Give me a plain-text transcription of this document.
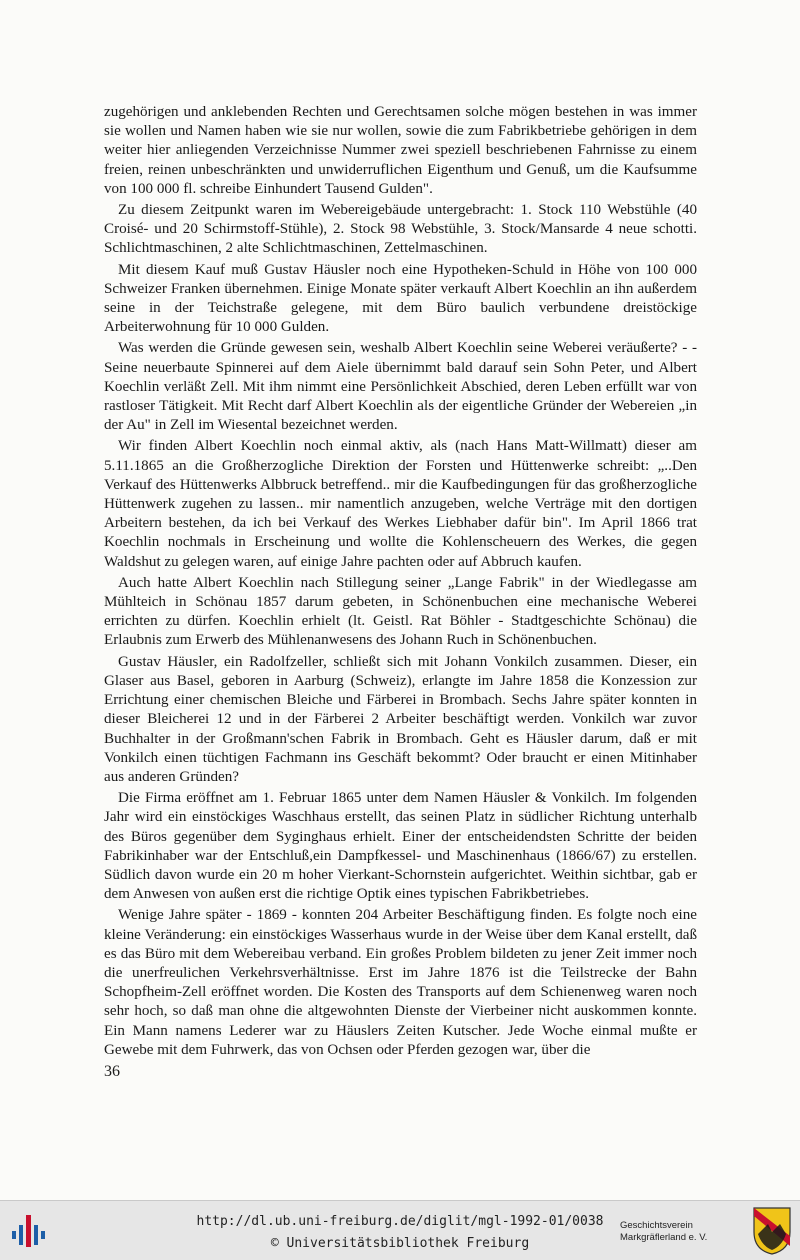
zugehörigen und anklebenden Rechten und Gerechtsamen solche mögen bestehen in was immer sie wollen und Namen haben wie sie nur wollen, sowie die zum Fabrikbetriebe gehörigen in dem weiter hier anliegenden Verzeichnisse Nummer zwei speziell beschriebenen Fahrnisse zu einem freien, reinen unbeschränkten und unwiderruflichen Eigenthum und Genuß, um die Kaufsumme von 100 000 fl. schreibe Einhundert Tausend Gulden".

Zu diesem Zeitpunkt waren im Webereigebäude untergebracht: 1. Stock 110 Webstühle (40 Croisé- und 20 Schirmstoff-Stühle), 2. Stock 98 Webstühle, 3. Stock/Mansarde 4 neue schotti. Schlichtmaschinen, 2 alte Schlichtmaschinen, Zettelmaschinen.

Mit diesem Kauf muß Gustav Häusler noch eine Hypotheken-Schuld in Höhe von 100 000 Schweizer Franken übernehmen. Einige Monate später verkauft Albert Koechlin an ihn außerdem seine in der Teichstraße gelegene, mit dem Büro baulich verbundene dreistöckige Arbeiterwohnung für 10 000 Gulden.

Was werden die Gründe gewesen sein, weshalb Albert Koechlin seine Weberei veräußerte? - - Seine neuerbaute Spinnerei auf dem Aiele übernimmt bald darauf sein Sohn Peter, und Albert Koechlin verläßt Zell. Mit ihm nimmt eine Persönlichkeit Abschied, deren Leben erfüllt war von rastloser Tätigkeit. Mit Recht darf Albert Koechlin als der eigentliche Gründer der Webereien „in der Au" in Zell im Wiesental bezeichnet werden.

Wir finden Albert Koechlin noch einmal aktiv, als (nach Hans Matt-Willmatt) dieser am 5.11.1865 an die Großherzogliche Direktion der Forsten und Hüttenwerke schreibt: „..Den Verkauf des Hüttenwerks Albbruck betreffend.. mir die Kaufbedingungen für das großherzogliche Hüttenwerk zugehen zu lassen.. mir namentlich anzugeben, welche Verträge mit den dortigen Arbeitern bestehen, da ich bei Verkauf des Werkes Liebhaber dafür bin". Im April 1866 trat Koechlin nochmals in Erscheinung und wollte die Kohlenscheuern des Werkes, die gegen Waldshut zu gelegen waren, auf einige Jahre pachten oder auf Abbruch kaufen.

Auch hatte Albert Koechlin nach Stillegung seiner „Lange Fabrik" in der Wiedlegasse am Mühlteich in Schönau 1857 darum gebeten, in Schönenbuchen eine mechanische Weberei errichten zu dürfen. Koechlin erhielt (lt. Geistl. Rat Böhler - Stadtgeschichte Schönau) die Erlaubnis zum Erwerb des Mühlenanwesens des Johann Ruch in Schönenbuchen.

Gustav Häusler, ein Radolfzeller, schließt sich mit Johann Vonkilch zusammen. Dieser, ein Glaser aus Basel, geboren in Aarburg (Schweiz), erlangte im Jahre 1858 die Konzession zur Errichtung einer chemischen Bleiche und Färberei in Brombach. Sechs Jahre später konnten in dieser Bleicherei 12 und in der Färberei 2 Arbeiter beschäftigt werden. Vonkilch war zuvor Buchhalter in der Großmann'schen Fabrik in Brombach. Geht es Häusler darum, daß er mit Vonkilch einen tüchtigen Fachmann ins Geschäft bekommt? Oder braucht er einen Mitinhaber aus anderen Gründen?

Die Firma eröffnet am 1. Februar 1865 unter dem Namen Häusler & Vonkilch. Im folgenden Jahr wird ein einstöckiges Waschhaus erstellt, das seinen Platz in südlicher Richtung unterhalb des Büros gegenüber dem Syginghaus erhielt. Einer der entscheidendsten Schritte der beiden Fabrikinhaber war der Entschluß,ein Dampfkessel- und Maschinenhaus (1866/67) zu erstellen. Südlich davon wurde ein 20 m hoher Vierkant-Schornstein aufgerichtet. Weithin sichtbar, gab er dem Anwesen von außen erst die richtige Optik eines typischen Fabrikbetriebes.

Wenige Jahre später - 1869 - konnten 204 Arbeiter Beschäftigung finden. Es folgte noch eine kleine Veränderung: ein einstöckiges Wasserhaus wurde in der Weise über dem Kanal erstellt, daß es das Büro mit dem Webereibau verband. Ein großes Problem bildeten zu jener Zeit immer noch die unerfreulichen Verkehrsverhältnisse. Erst im Jahre 1876 ist die Teilstrecke der Bahn Schopfheim-Zell eröffnet worden. Die Kosten des Transports auf dem Schienenweg waren noch sehr hoch, so daß man ohne die altgewohnten Dienste der Vierbeiner nicht auskommen konnte. Ein Mann namens Lederer war zu Häuslers Zeiten Kutscher. Jede Woche einmal mußte er Gewebe mit dem Fuhrwerk, das von Ochsen oder Pferden gezogen war, über die

36
http://dl.ub.uni-freiburg.de/diglit/mgl-1992-01/0038
© Universitätsbibliothek Freiburg
Geschichtsverein
Markgräflerland e. V.
